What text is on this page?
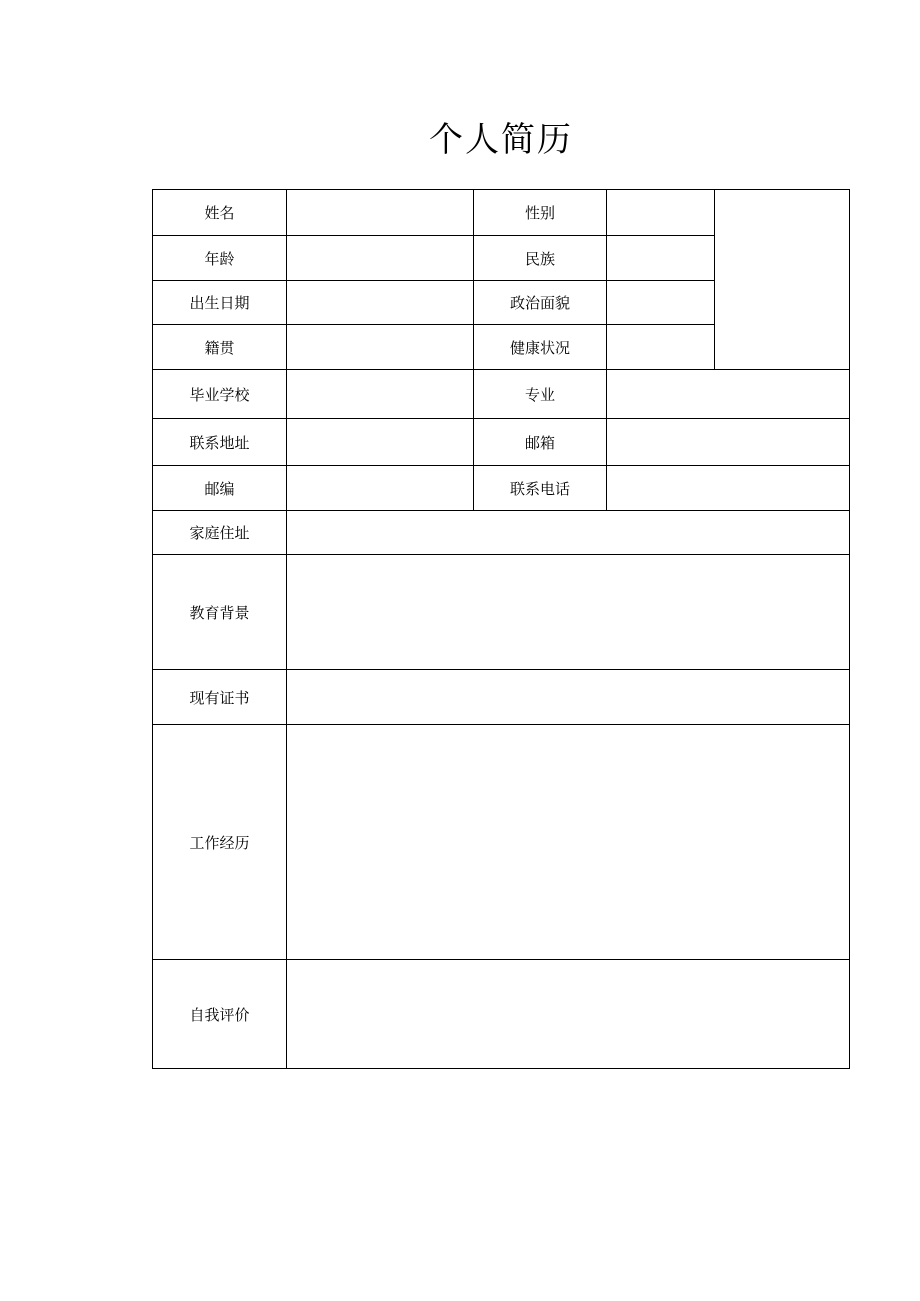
个人简历
姓名		性别		
年龄		民族		
出生日期		政治面貌		
籍贯		健康状况		
毕业学校		专业		
联系地址		邮箱		
邮编		联系电话		
家庭住址				
教育背景				
现有证书				
工作经历				
自我评价				
